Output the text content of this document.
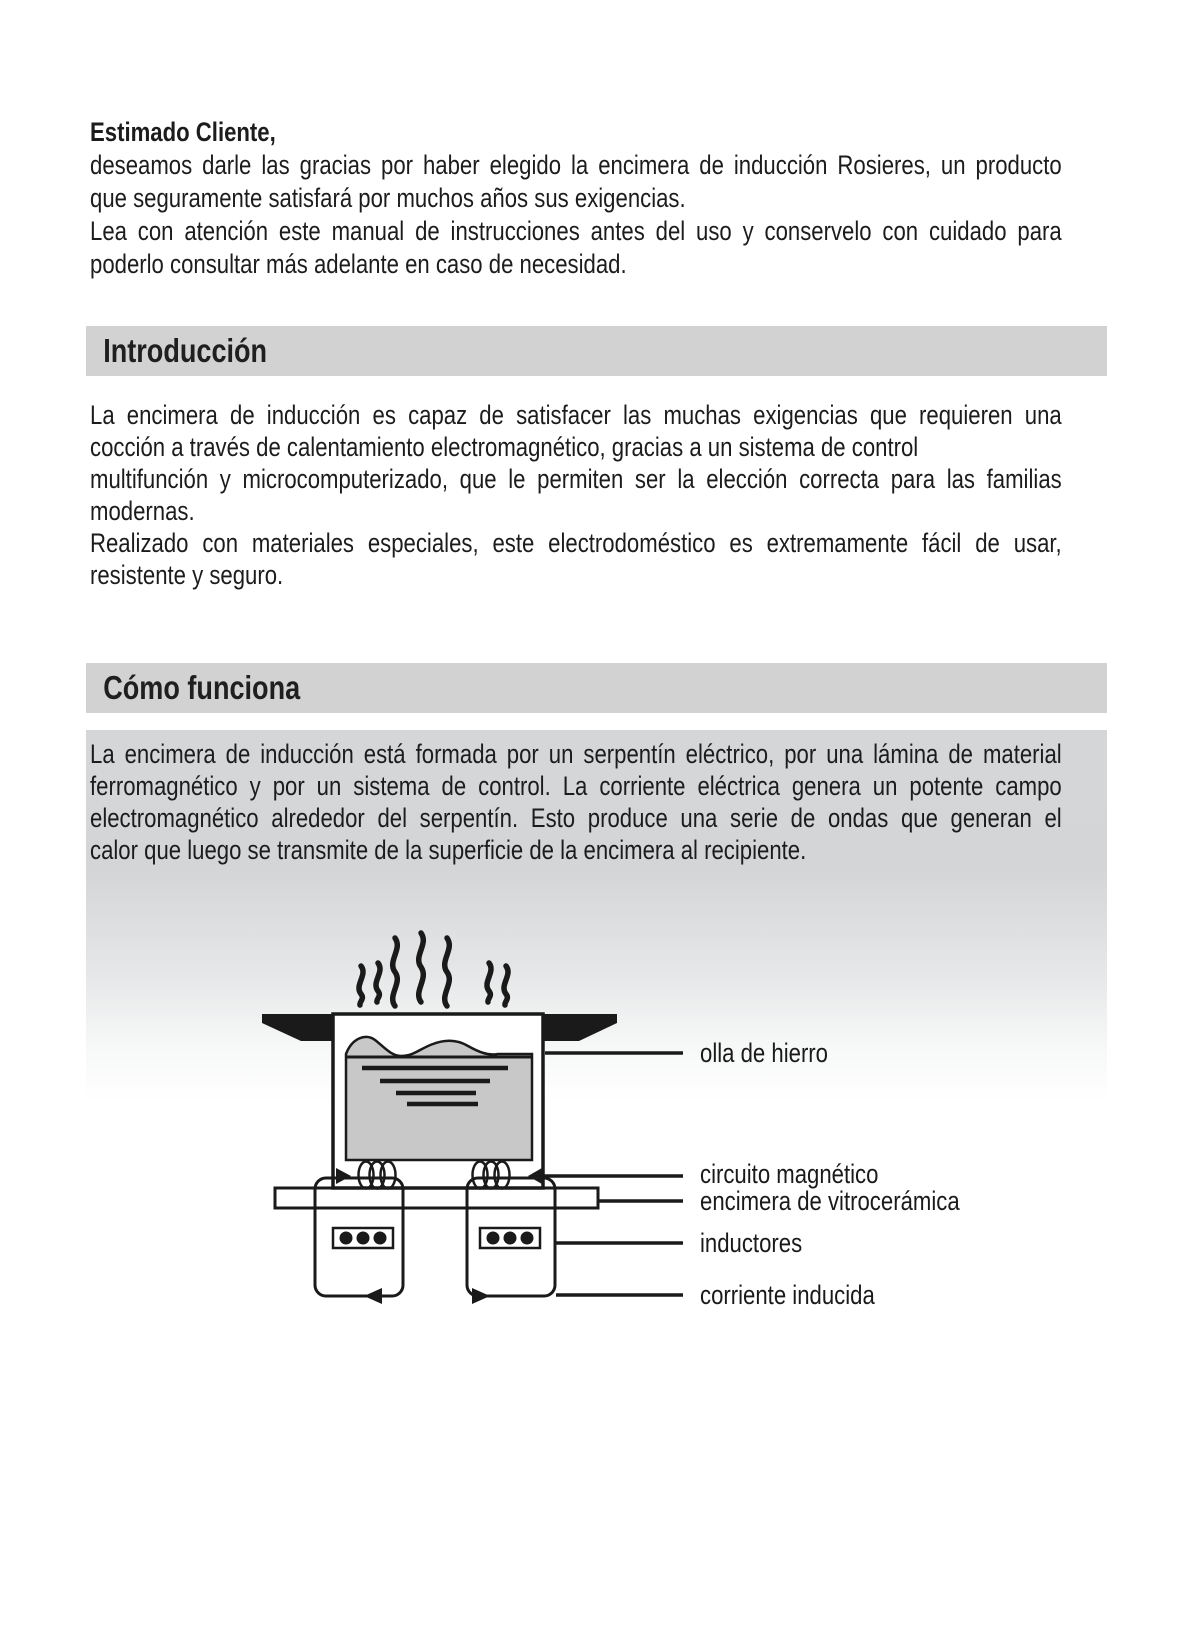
Estimado Cliente,
deseamos darle las gracias por haber elegido la encimera de inducción Rosieres, un producto
que seguramente satisfará por muchos años sus exigencias.
Lea con atención este manual de instrucciones antes del uso y conservelo con cuidado para
poderlo consultar más adelante en caso de necesidad.
Introducción
La encimera de inducción es capaz de satisfacer las muchas exigencias que requieren una
cocción a través de calentamiento electromagnético, gracias a un sistema de control
multifunción y microcomputerizado, que le permiten ser la elección correcta para las familias
modernas.
Realizado con materiales especiales, este electrodoméstico es extremamente fácil de usar,
resistente y seguro.
Cómo funciona
La encimera de inducción está formada por un serpentín eléctrico, por una lámina de material
ferromagnético y por un sistema de control. La corriente eléctrica genera un potente campo
electromagnético alrededor del serpentín. Esto produce una serie de ondas que generan el
calor que luego se transmite de la superficie de la encimera al recipiente.
olla de hierro
circuito magnético
encimera de vitrocerámica
inductores
corriente inducida
